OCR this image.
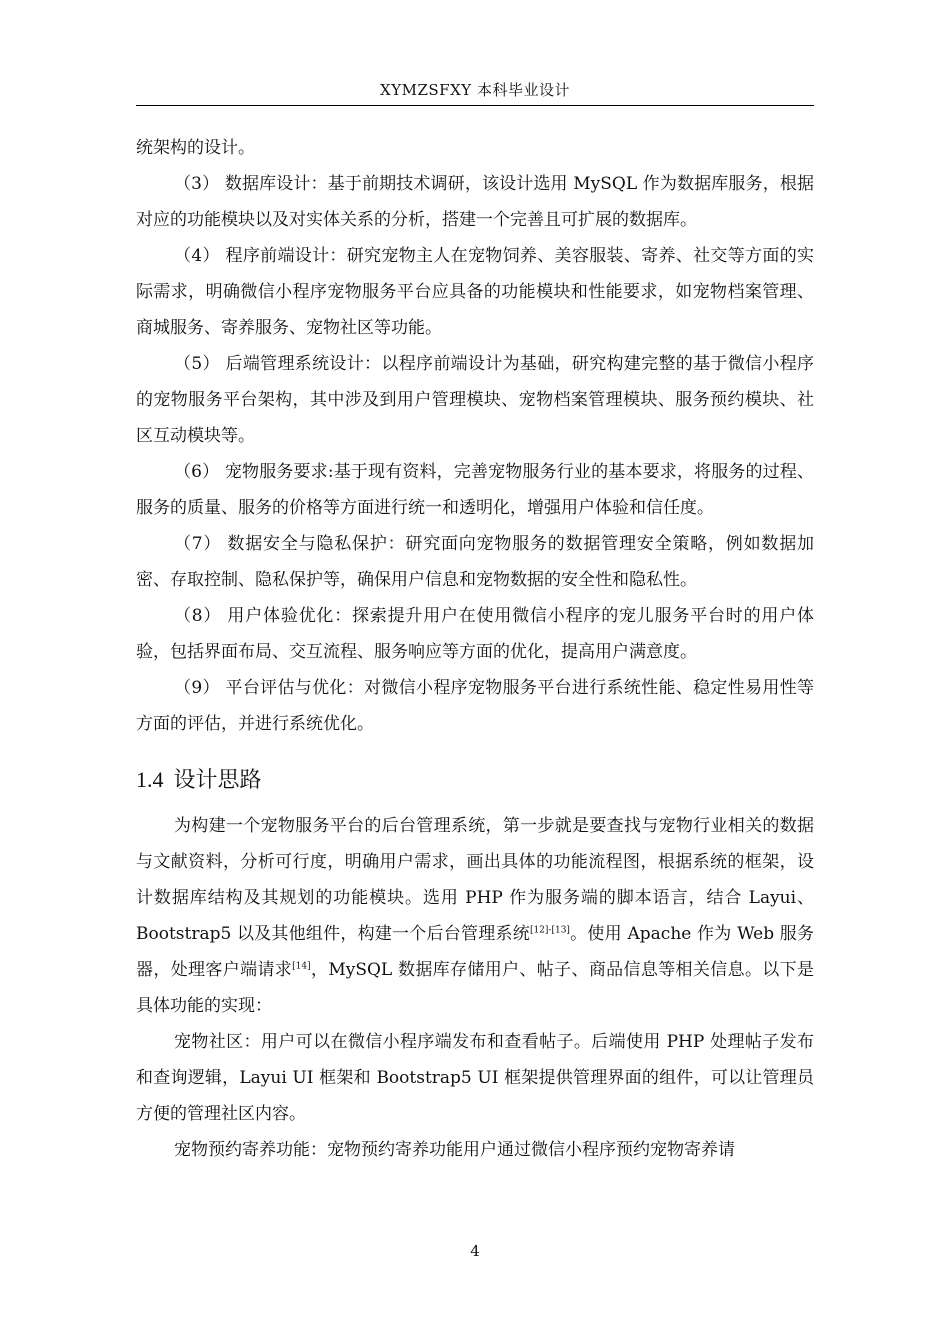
XYMZSFXY 本科毕业设计

统架构的设计。

（3） 数据库设计：基于前期技术调研，该设计选用 MySQL 作为数据库服务，根据对应的功能模块以及对实体关系的分析，搭建一个完善且可扩展的数据库。

（4） 程序前端设计：研究宠物主人在宠物饲养、美容服装、寄养、社交等方面的实际需求，明确微信小程序宠物服务平台应具备的功能模块和性能要求，如宠物档案管理、商城服务、寄养服务、宠物社区等功能。

（5） 后端管理系统设计：以程序前端设计为基础，研究构建完整的基于微信小程序的宠物服务平台架构，其中涉及到用户管理模块、宠物档案管理模块、服务预约模块、社区互动模块等。

（6） 宠物服务要求:基于现有资料，完善宠物服务行业的基本要求，将服务的过程、服务的质量、服务的价格等方面进行统一和透明化，增强用户体验和信任度。

（7） 数据安全与隐私保护：研究面向宠物服务的数据管理安全策略，例如数据加密、存取控制、隐私保护等，确保用户信息和宠物数据的安全性和隐私性。

（8） 用户体验优化：探索提升用户在使用微信小程序的宠儿服务平台时的用户体验，包括界面布局、交互流程、服务响应等方面的优化，提高用户满意度。

（9） 平台评估与优化：对微信小程序宠物服务平台进行系统性能、稳定性易用性等方面的评估，并进行系统优化。

1.4 设计思路

为构建一个宠物服务平台的后台管理系统，第一步就是要查找与宠物行业相关的数据与文献资料，分析可行度，明确用户需求，画出具体的功能流程图，根据系统的框架，设计数据库结构及其规划的功能模块。选用 PHP 作为服务端的脚本语言，结合 Layui、Bootstrap5 以及其他组件，构建一个后台管理系统[12]-[13]。使用 Apache 作为 Web 服务器，处理客户端请求[14]，MySQL 数据库存储用户、帖子、商品信息等相关信息。以下是具体功能的实现：

宠物社区：用户可以在微信小程序端发布和查看帖子。后端使用 PHP 处理帖子发布和查询逻辑，Layui UI 框架和 Bootstrap5 UI 框架提供管理界面的组件，可以让管理员方便的管理社区内容。

宠物预约寄养功能：宠物预约寄养功能用户通过微信小程序预约宠物寄养请

4
